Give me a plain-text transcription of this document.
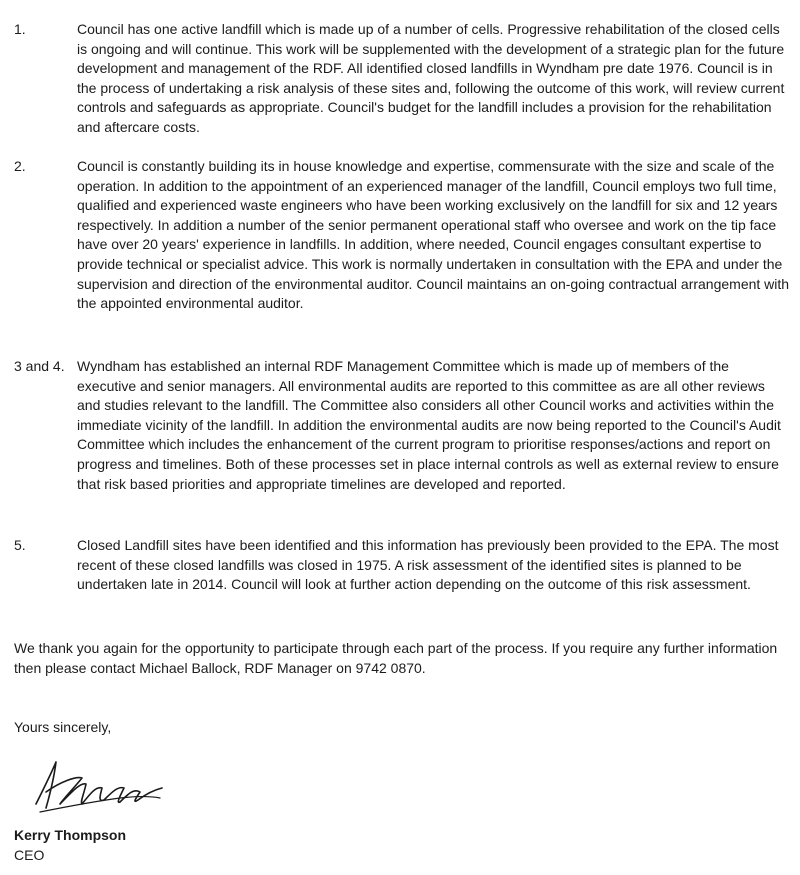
1.	Council has one active landfill which is made up of a number of cells. Progressive rehabilitation of the closed cells is ongoing and will continue. This work will be supplemented with the development of a strategic plan for the future development and management of the RDF. All identified closed landfills in Wyndham pre date 1976. Council is in the process of undertaking a risk analysis of these sites and, following the outcome of this work, will review current controls and safeguards as appropriate. Council's budget for the landfill includes a provision for the rehabilitation and aftercare costs.
2.	Council is constantly building its in house knowledge and expertise, commensurate with the size and scale of the operation. In addition to the appointment of an experienced manager of the landfill, Council employs two full time, qualified and experienced waste engineers who have been working exclusively on the landfill for six and 12 years respectively. In addition a number of the senior permanent operational staff who oversee and work on the tip face have over 20 years' experience in landfills. In addition, where needed, Council engages consultant expertise to provide technical or specialist advice. This work is normally undertaken in consultation with the EPA and under the supervision and direction of the environmental auditor. Council maintains an on-going contractual arrangement with the appointed environmental auditor.
3 and 4. Wyndham has established an internal RDF Management Committee which is made up of members of the executive and senior managers. All environmental audits are reported to this committee as are all other reviews and studies relevant to the landfill. The Committee also considers all other Council works and activities within the immediate vicinity of the landfill. In addition the environmental audits are now being reported to the Council's Audit Committee which includes the enhancement of the current program to prioritise responses/actions and report on progress and timelines. Both of these processes set in place internal controls as well as external review to ensure that risk based priorities and appropriate timelines are developed and reported.
5.	Closed Landfill sites have been identified and this information has previously been provided to the EPA. The most recent of these closed landfills was closed in 1975. A risk assessment of the identified sites is planned to be undertaken late in 2014. Council will look at further action depending on the outcome of this risk assessment.
We thank you again for the opportunity to participate through each part of the process. If you require any further information then please contact Michael Ballock, RDF Manager on 9742 0870.
Yours sincerely,
Kerry Thompson
CEO
